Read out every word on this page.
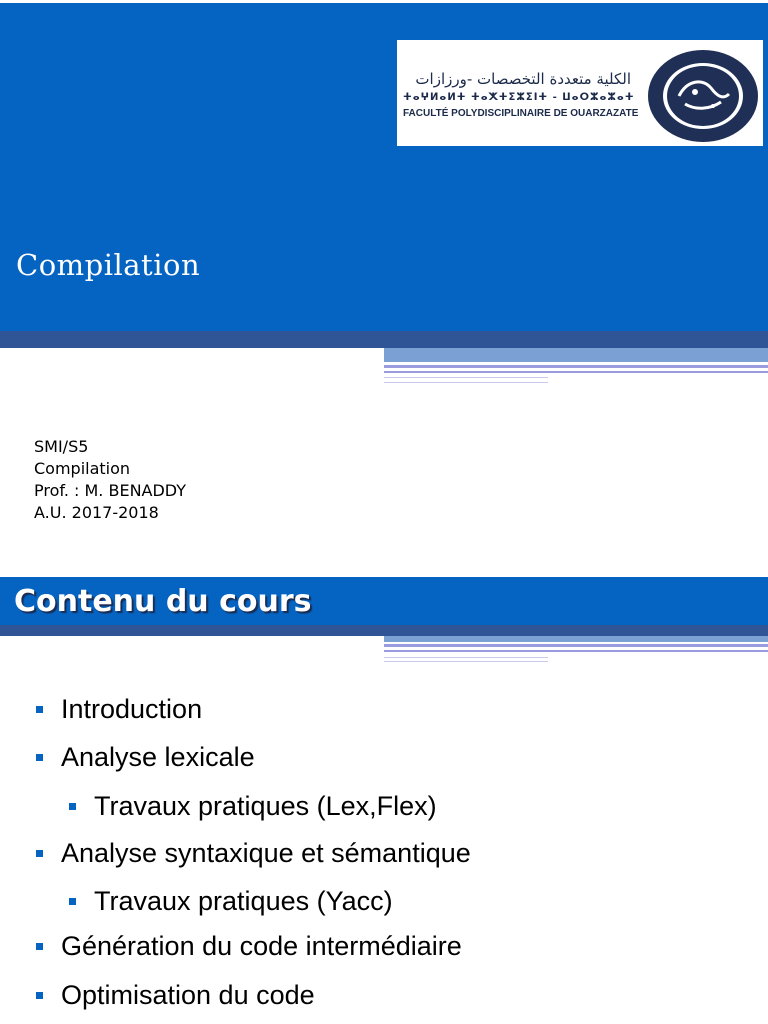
الكلية متعددة التخصصات -ورزازات
ⵜⴰⵖⵍⴰⵍⵜ ⵜⴰⵅⵜⵉⵣⵉⵏⵜ - ⵡⴰⵔⵣⴰⵣⴰⵜ
FACULTÉ POLYDISCIPLINAIRE DE OUARZAZATE
Compilation
SMI/S5
Compilation
Prof. : M. BENADDY
A.U. 2017-2018
Contenu du cours
Introduction
Analyse lexicale
Travaux pratiques (Lex,Flex)
Analyse syntaxique et sémantique
Travaux pratiques (Yacc)
Génération du code intermédiaire
Optimisation du code
